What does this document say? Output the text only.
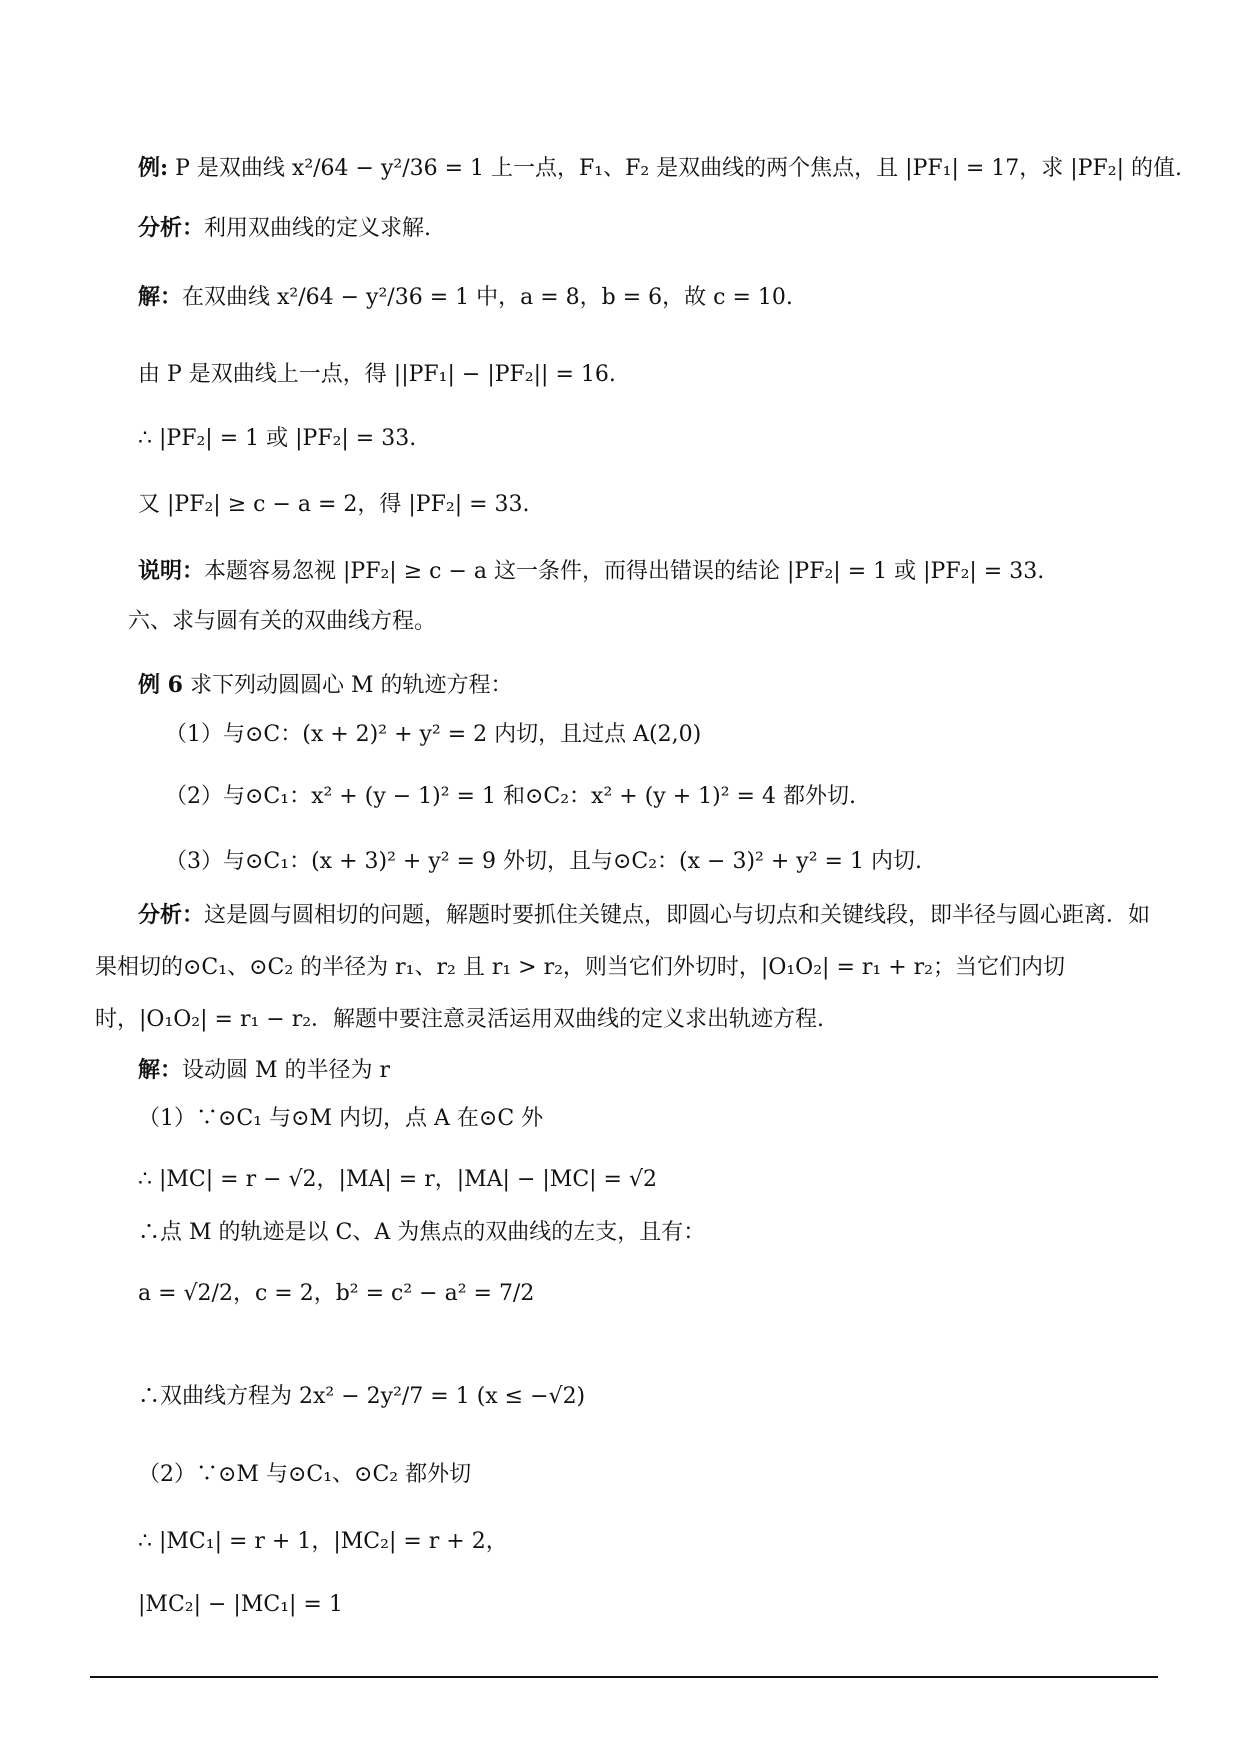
例: P 是双曲线 x²/64 − y²/36 = 1 上一点，F₁、F₂ 是双曲线的两个焦点，且 |PF₁| = 17，求 |PF₂| 的值.
分析：利用双曲线的定义求解.
解：在双曲线 x²/64 − y²/36 = 1 中，a = 8，b = 6，故 c = 10.
由 P 是双曲线上一点，得 ||PF₁| − |PF₂|| = 16.
∴ |PF₂| = 1 或 |PF₂| = 33.
又 |PF₂| ≥ c − a = 2，得 |PF₂| = 33.
说明：本题容易忽视 |PF₂| ≥ c − a 这一条件，而得出错误的结论 |PF₂| = 1 或 |PF₂| = 33.
六、求与圆有关的双曲线方程。
例 6 求下列动圆圆心 M 的轨迹方程：
（1）与⊙C：(x + 2)² + y² = 2 内切，且过点 A(2,0)
（2）与⊙C₁：x² + (y − 1)² = 1 和⊙C₂：x² + (y + 1)² = 4 都外切.
（3）与⊙C₁：(x + 3)² + y² = 9 外切，且与⊙C₂：(x − 3)² + y² = 1 内切.
分析：这是圆与圆相切的问题，解题时要抓住关键点，即圆心与切点和关键线段，即半径与圆心距离．如果相切的⊙C₁、⊙C₂ 的半径为 r₁、r₂ 且 r₁ > r₂，则当它们外切时，|O₁O₂| = r₁ + r₂；当它们内切时，|O₁O₂| = r₁ − r₂．解题中要注意灵活运用双曲线的定义求出轨迹方程.
解：设动圆 M 的半径为 r
（1）∵⊙C₁ 与⊙M 内切，点 A 在⊙C 外
∴ |MC| = r − √2，|MA| = r，|MA| − |MC| = √2
∴点 M 的轨迹是以 C、A 为焦点的双曲线的左支，且有：
a = √2/2，c = 2，b² = c² − a² = 7/2
∴双曲线方程为 2x² − 2y²/7 = 1 (x ≤ −√2)
（2）∵⊙M 与⊙C₁、⊙C₂ 都外切
∴ |MC₁| = r + 1，|MC₂| = r + 2，
|MC₂| − |MC₁| = 1
